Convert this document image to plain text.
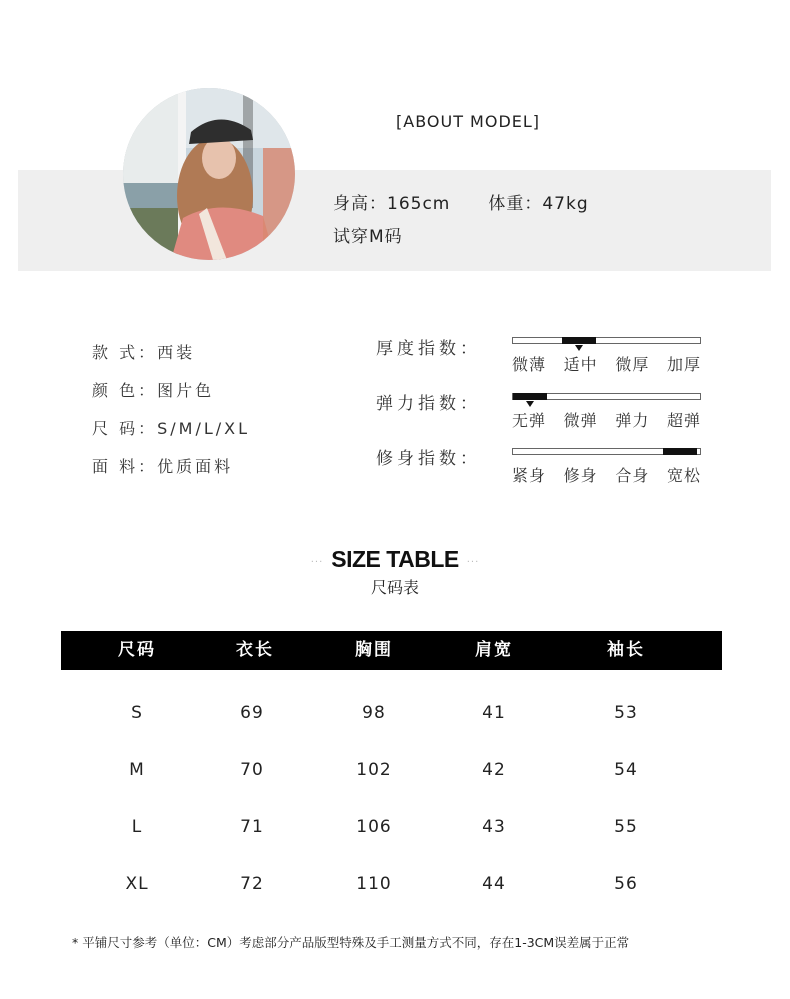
[ABOUT MODEL]
身高：165cm 体重：47kg
试穿M码
款 式：西装
颜 色：图片色
尺 码：S/M/L/XL
面 料：优质面料
厚度指数：
弹力指数：
修身指数：
微薄 适中 微厚 加厚
无弹 微弹 弹力 超弹
紧身 修身 合身 宽松
··· SIZE TABLE ···
尺码表
尺码	衣长	胸围	肩宽	袖长
S	69	98	41	53
M	70	102	42	54
L	71	106	43	55
XL	72	110	44	56
* 平铺尺寸参考（单位：CM）考虑部分产品版型特殊及手工测量方式不同，存在1-3CM误差属于正常
